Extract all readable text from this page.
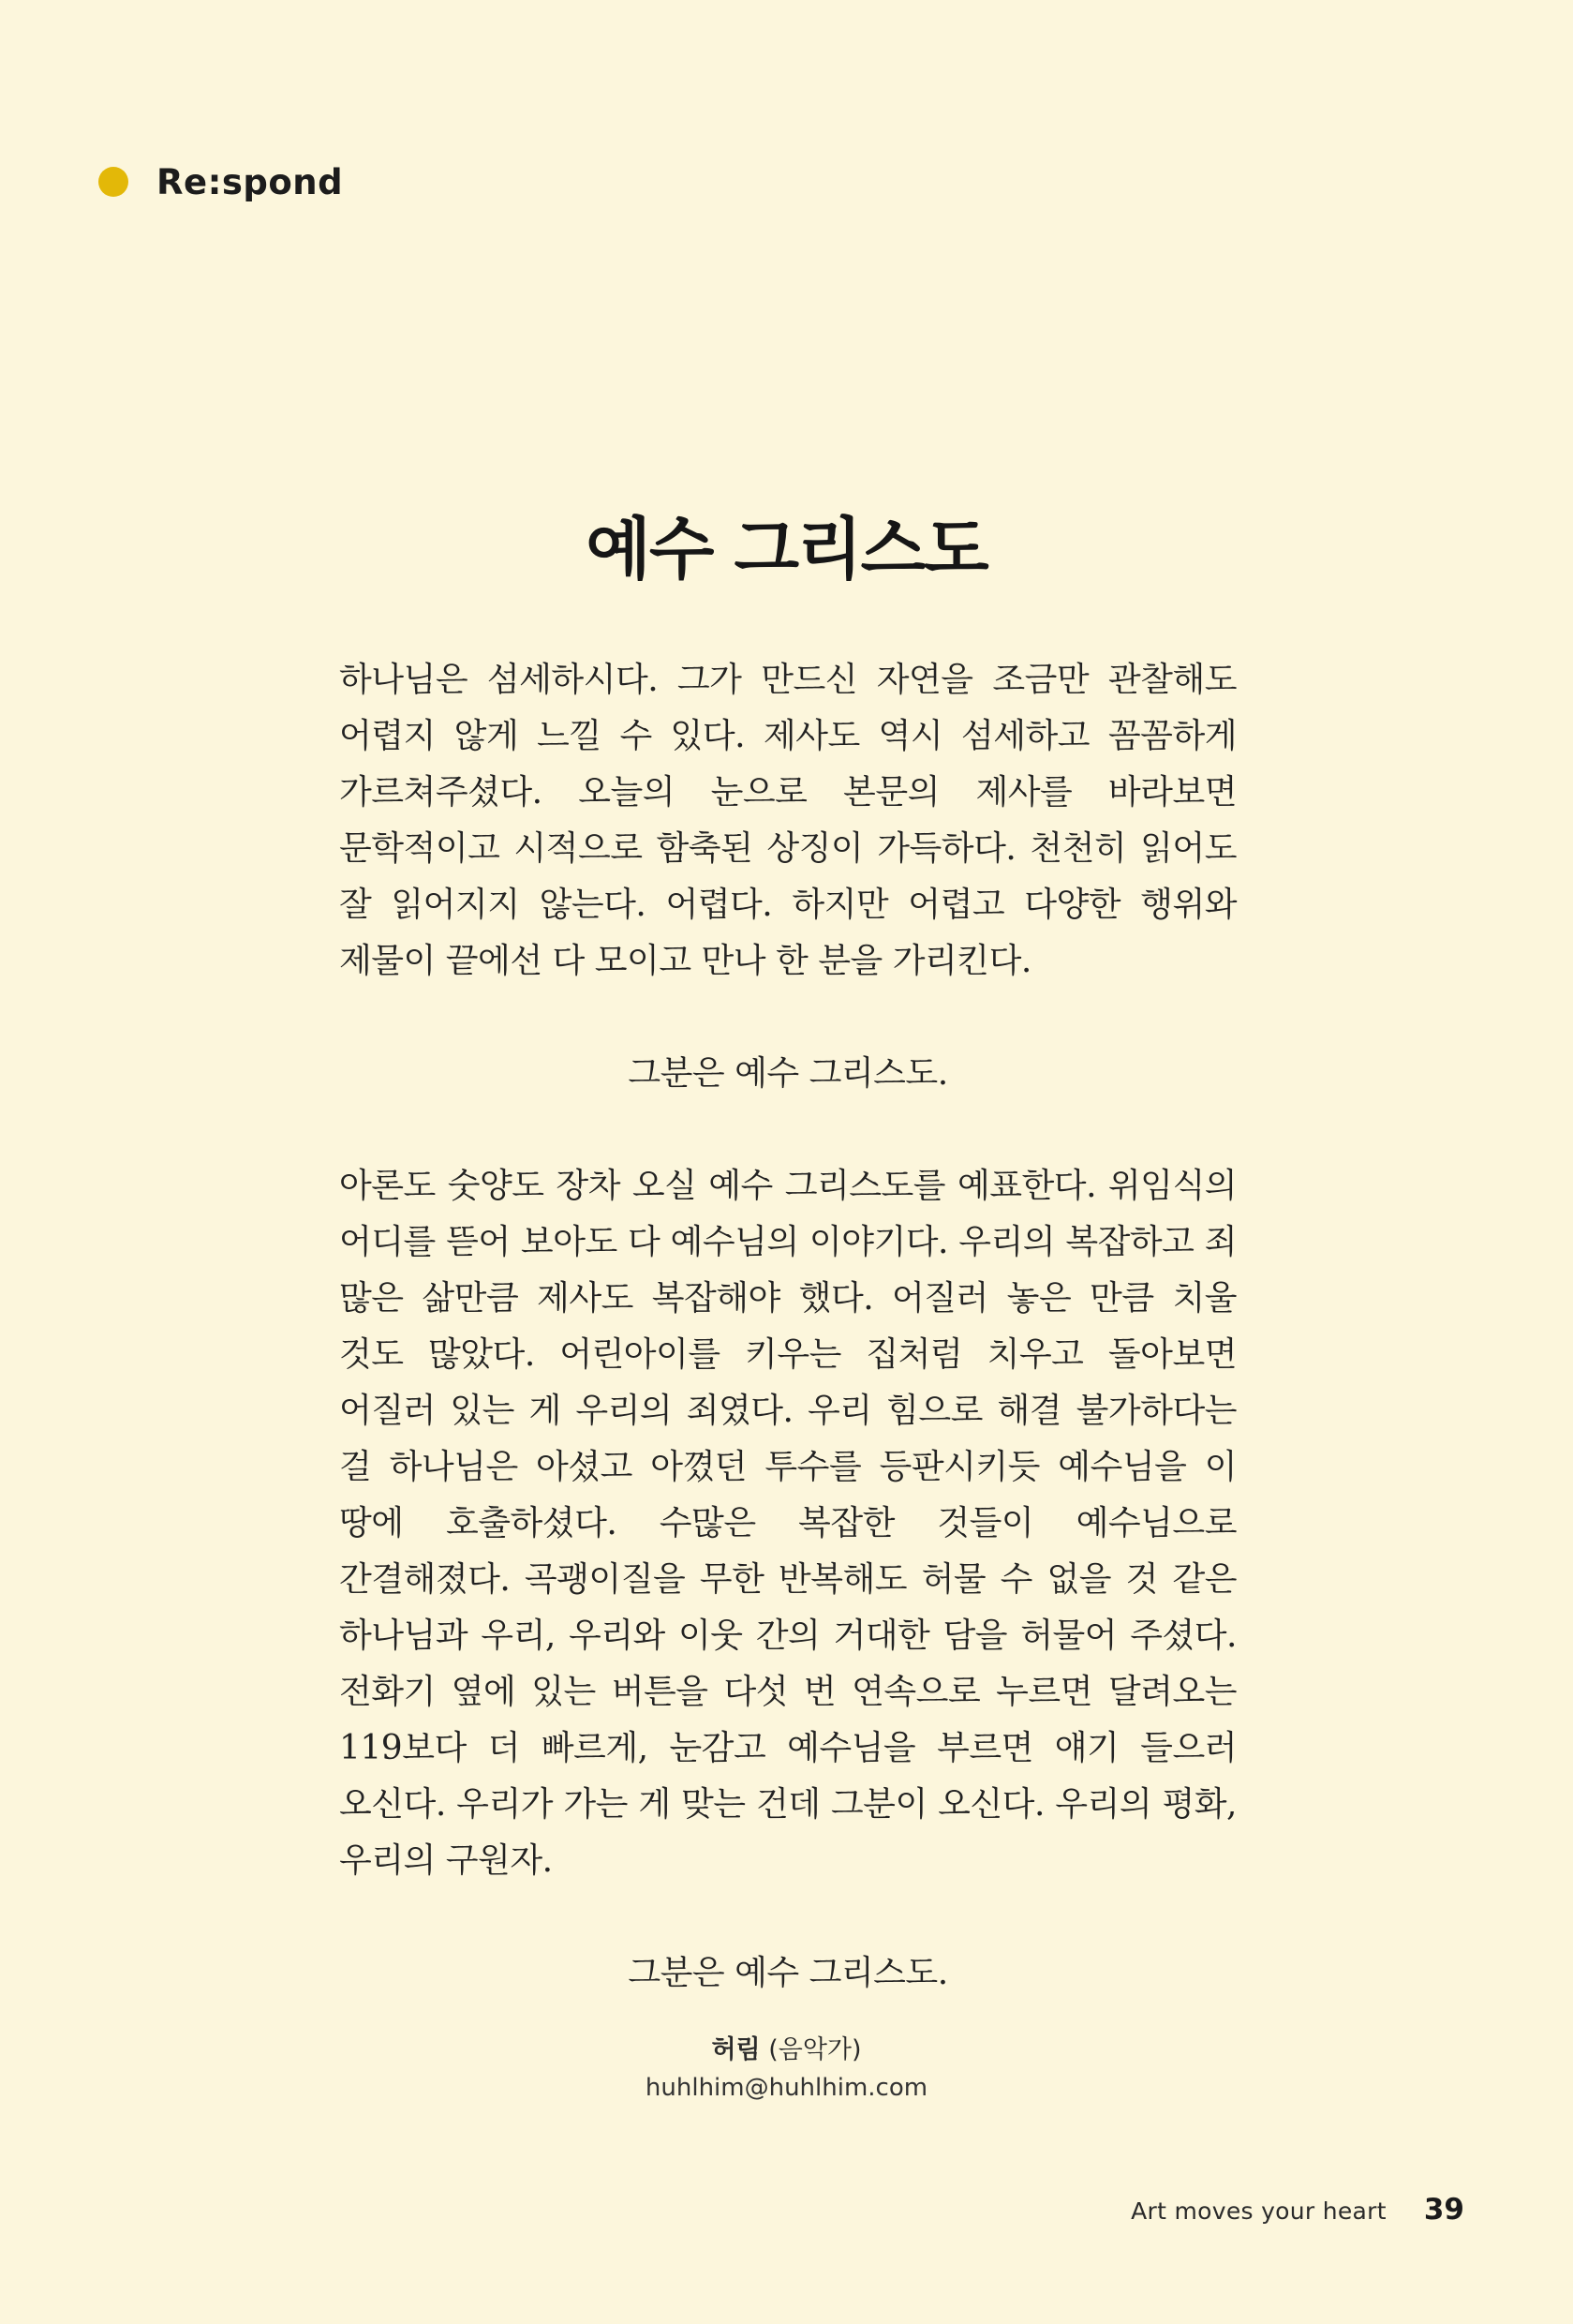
Re:spond
예수 그리스도

하나님은 섬세하시다. 그가 만드신 자연을 조금만 관찰해도 어렵지 않게 느낄 수 있다. 제사도 역시 섬세하고 꼼꼼하게 가르쳐주셨다. 오늘의 눈으로 본문의 제사를 바라보면 문학적이고 시적으로 함축된 상징이 가득하다. 천천히 읽어도 잘 읽어지지 않는다. 어렵다. 하지만 어렵고 다양한 행위와 제물이 끝에선 다 모이고 만나 한 분을 가리킨다.

그분은 예수 그리스도.

아론도 숫양도 장차 오실 예수 그리스도를 예표한다. 위임식의 어디를 뜯어 보아도 다 예수님의 이야기다. 우리의 복잡하고 죄 많은 삶만큼 제사도 복잡해야 했다. 어질러 놓은 만큼 치울 것도 많았다. 어린아이를 키우는 집처럼 치우고 돌아보면 어질러 있는 게 우리의 죄였다. 우리 힘으로 해결 불가하다는 걸 하나님은 아셨고 아꼈던 투수를 등판시키듯 예수님을 이 땅에 호출하셨다. 수많은 복잡한 것들이 예수님으로 간결해졌다. 곡괭이질을 무한 반복해도 허물 수 없을 것 같은 하나님과 우리, 우리와 이웃 간의 거대한 담을 허물어 주셨다. 전화기 옆에 있는 버튼을 다섯 번 연속으로 누르면 달려오는 119보다 더 빠르게, 눈감고 예수님을 부르면 얘기 들으러 오신다. 우리가 가는 게 맞는 건데 그분이 오신다. 우리의 평화, 우리의 구원자.

그분은 예수 그리스도.

허림 (음악가)
huhlhim@huhlhim.com
Art moves your heart 39
